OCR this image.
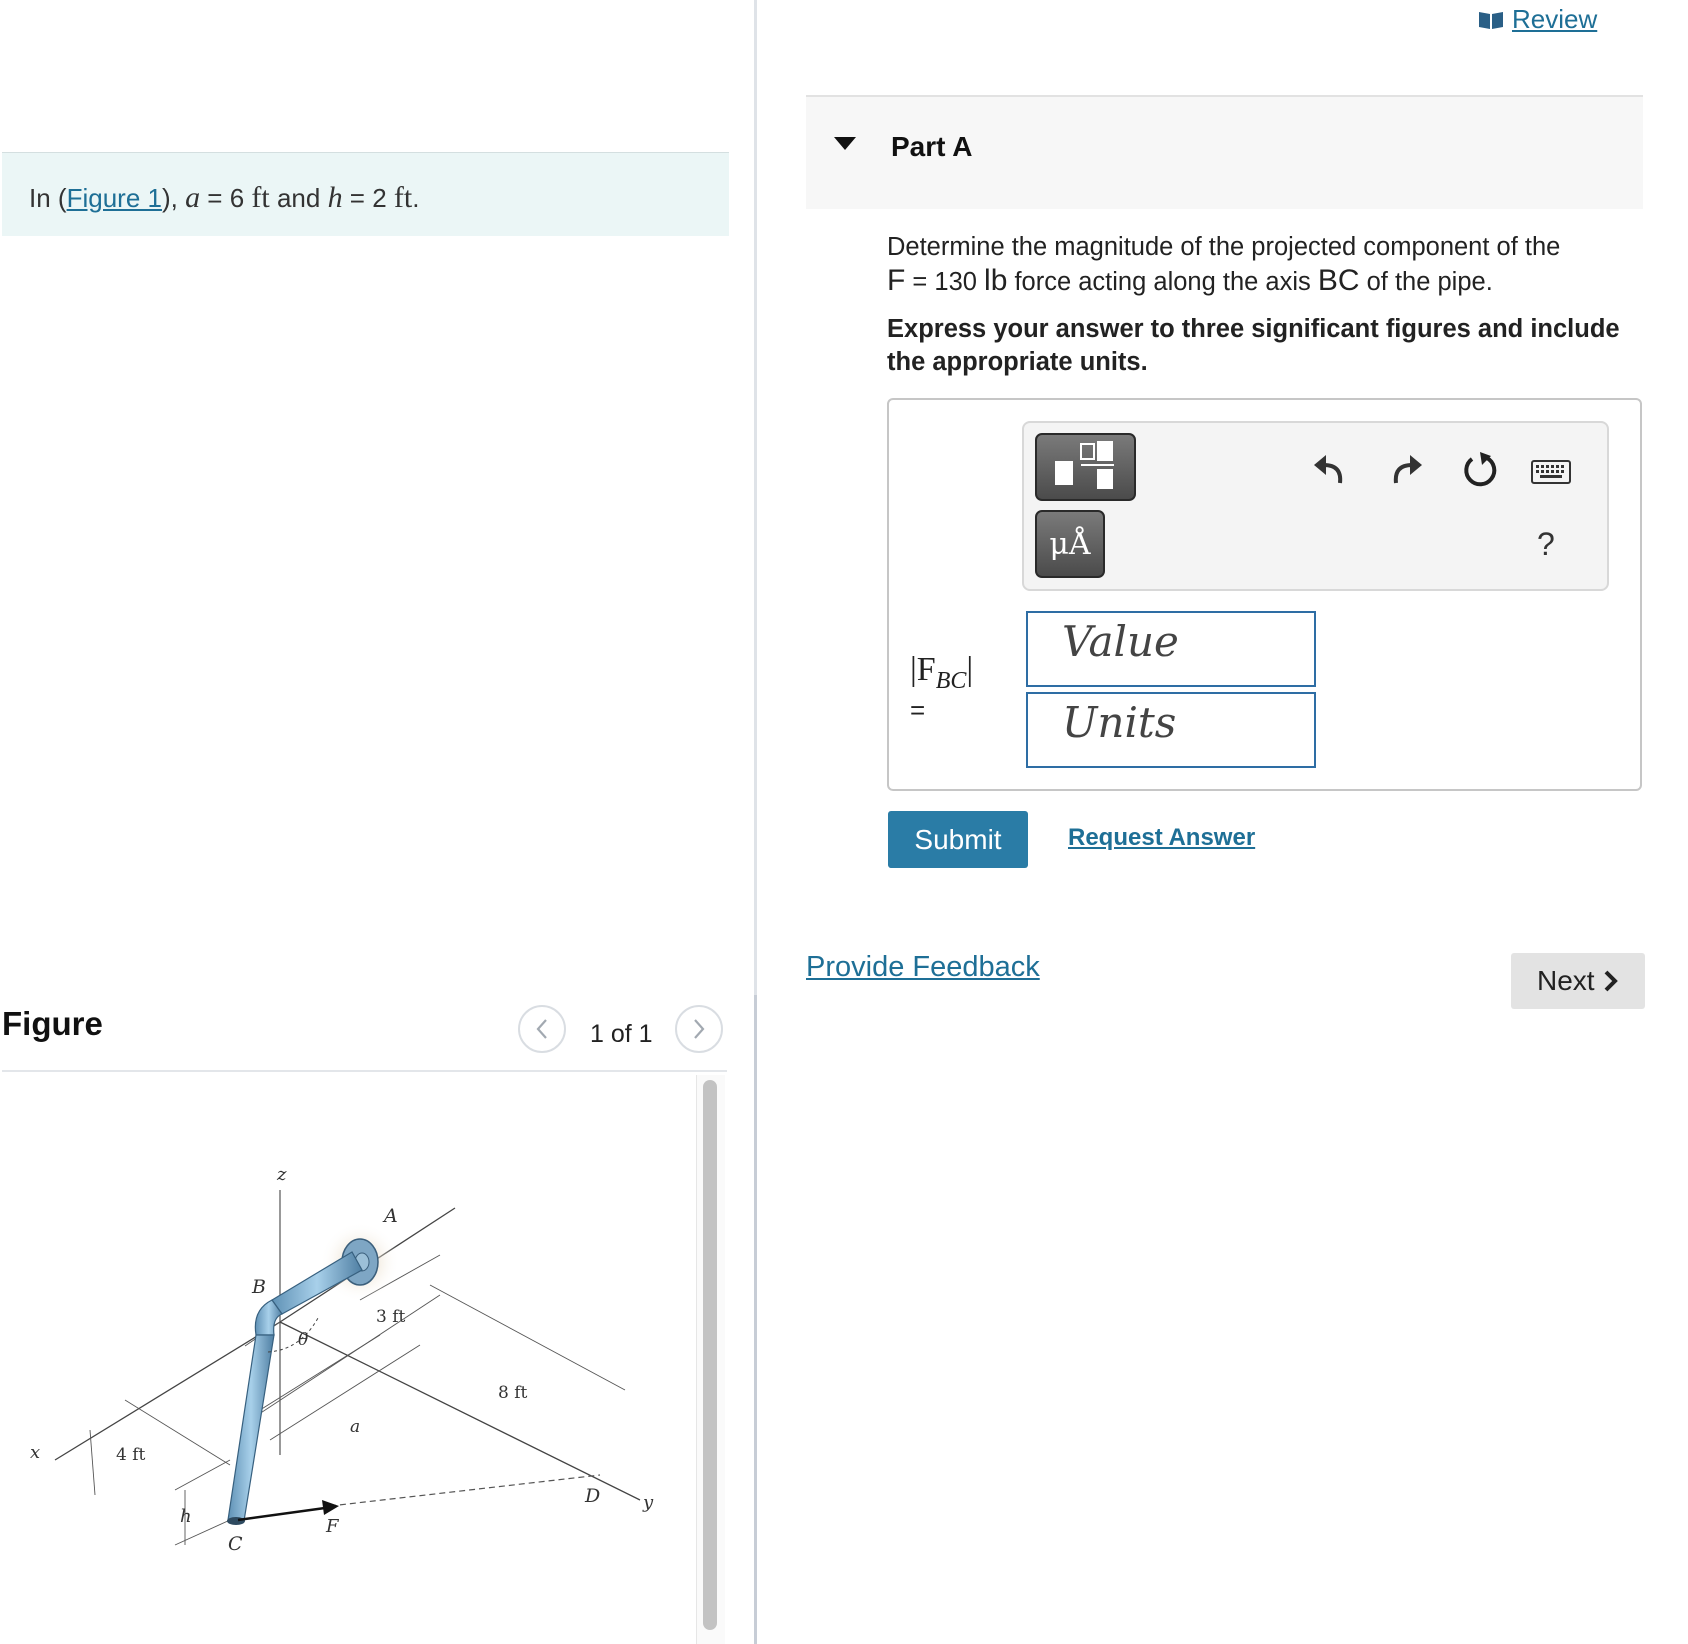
In (Figure 1), a = 6 ft and h = 2 ft.
Figure	1 of 1
z
A
B
θ
3 ft
8 ft
a
x	4 ft
h
C
F
D y
Review
Part A
Determine the magnitude of the projected component of the
F = 130 lb force acting along the axis BC of the pipe.
Express your answer to three significant figures and include the appropriate units.
μÅ	?
$|F_{BC}|$
=
Value
Units
Submit	Request Answer
Provide Feedback	Next
